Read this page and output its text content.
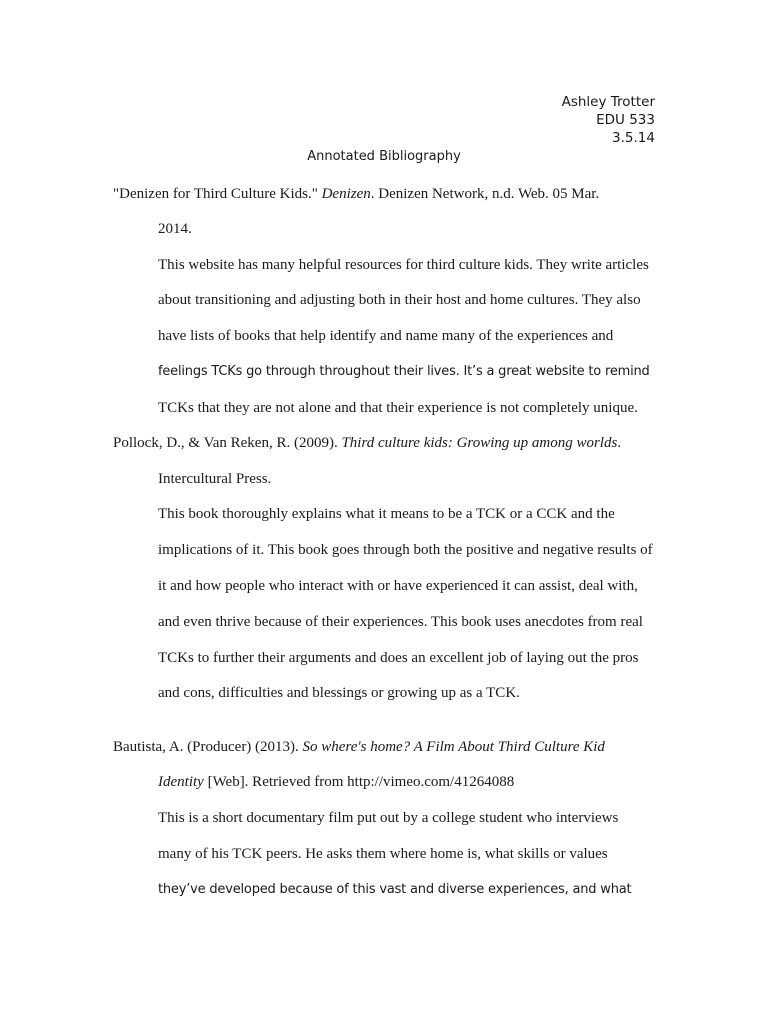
Ashley Trotter
EDU 533
3.5.14
Annotated Bibliography
"Denizen for Third Culture Kids." Denizen. Denizen Network, n.d. Web. 05 Mar.
2014.
This website has many helpful resources for third culture kids. They write articles
about transitioning and adjusting both in their host and home cultures. They also
have lists of books that help identify and name many of the experiences and
feelings TCKs go through throughout their lives. It’s a great website to remind
TCKs that they are not alone and that their experience is not completely unique.
Pollock, D., & Van Reken, R. (2009). Third culture kids: Growing up among worlds.
Intercultural Press.
This book thoroughly explains what it means to be a TCK or a CCK and the
implications of it. This book goes through both the positive and negative results of
it and how people who interact with or have experienced it can assist, deal with,
and even thrive because of their experiences. This book uses anecdotes from real
TCKs to further their arguments and does an excellent job of laying out the pros
and cons, difficulties and blessings or growing up as a TCK.
Bautista, A. (Producer) (2013). So where's home? A Film About Third Culture Kid
Identity [Web]. Retrieved from http://vimeo.com/41264088
This is a short documentary film put out by a college student who interviews
many of his TCK peers. He asks them where home is, what skills or values
they’ve developed because of this vast and diverse experiences, and what
